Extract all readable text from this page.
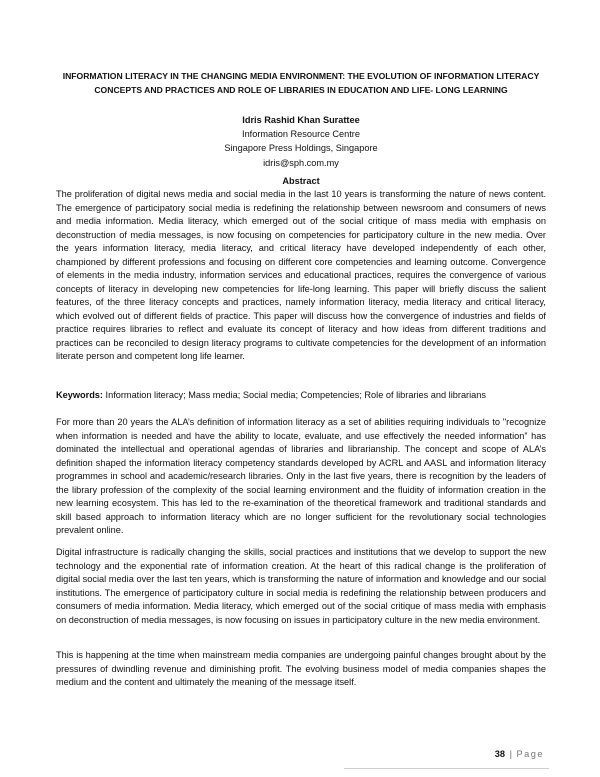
INFORMATION LITERACY IN THE CHANGING MEDIA ENVIRONMENT: THE EVOLUTION OF INFORMATION LITERACY CONCEPTS AND PRACTICES AND ROLE OF LIBRARIES IN EDUCATION AND LIFE- LONG LEARNING
Idris Rashid Khan Surattee
Information Resource Centre
Singapore Press Holdings, Singapore
idris@sph.com.my
Abstract

The proliferation of digital news media and social media in the last 10 years is transforming the nature of news content. The emergence of participatory social media is redefining the relationship between newsroom and consumers of news and media information. Media literacy, which emerged out of the social critique of mass media with emphasis on deconstruction of media messages, is now focusing on competencies for participatory culture in the new media. Over the years information literacy, media literacy, and critical literacy have developed independently of each other, championed by different professions and focusing on different core competencies and learning outcome. Convergence of elements in the media industry, information services and educational practices, requires the convergence of various concepts of literacy in developing new competencies for life-long learning. This paper will briefly discuss the salient features, of the three literacy concepts and practices, namely information literacy, media literacy and critical literacy, which evolved out of different fields of practice. This paper will discuss how the convergence of industries and fields of practice requires libraries to reflect and evaluate its concept of literacy and how ideas from different traditions and practices can be reconciled to design literacy programs to cultivate competencies for the development of an information literate person and competent long life learner.

Keywords: Information literacy; Mass media; Social media; Competencies; Role of libraries and librarians

For more than 20 years the ALA’s definition of information literacy as a set of abilities requiring individuals to "recognize when information is needed and have the ability to locate, evaluate, and use effectively the needed information” has dominated the intellectual and operational agendas of libraries and librarianship. The concept and scope of ALA’s definition shaped the information literacy competency standards developed by ACRL and AASL and information literacy programmes in school and academic/research libraries. Only in the last five years, there is recognition by the leaders of the library profession of the complexity of the social learning environment and the fluidity of information creation in the new learning ecosystem. This has led to the re-examination of the theoretical framework and traditional standards and skill based approach to information literacy which are no longer sufficient for the revolutionary social technologies prevalent online.

Digital infrastructure is radically changing the skills, social practices and institutions that we develop to support the new technology and the exponential rate of information creation. At the heart of this radical change is the proliferation of digital social media over the last ten years, which is transforming the nature of information and knowledge and our social institutions. The emergence of participatory culture in social media is redefining the relationship between producers and consumers of media information. Media literacy, which emerged out of the social critique of mass media with emphasis on deconstruction of media messages, is now focusing on issues in participatory culture in the new media environment.

This is happening at the time when mainstream media companies are undergoing painful changes brought about by the pressures of dwindling revenue and diminishing profit. The evolving business model of media companies shapes the medium and the content and ultimately the meaning of the message itself.

38 | Page
